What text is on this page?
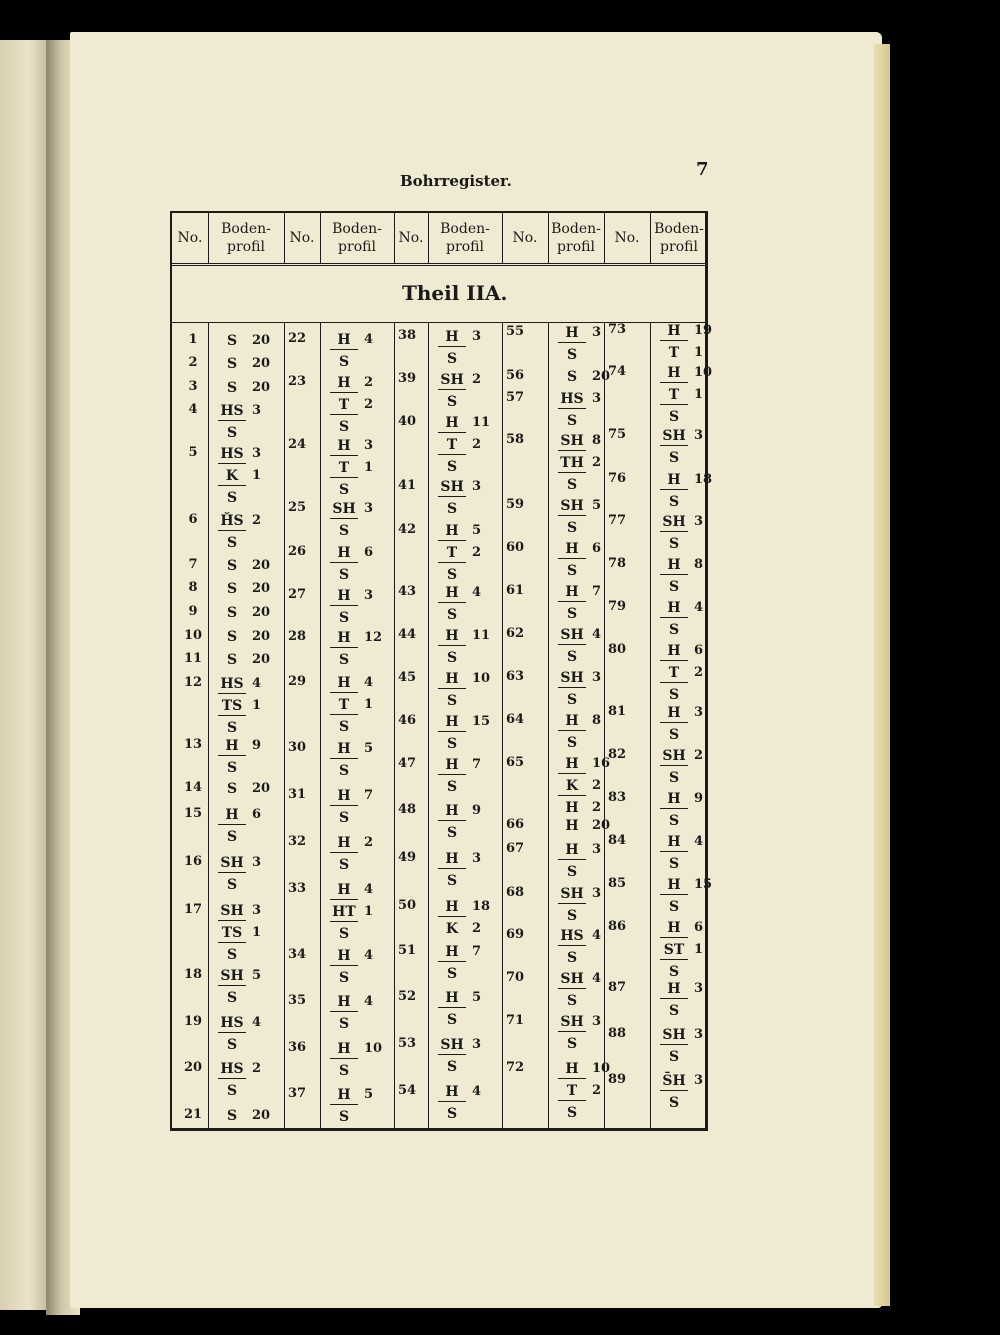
Bohrregister.
7
No.
Boden-
profil
No.
Boden-
profil
No.
Boden-
profil
No.
Boden-
profil
No.
Boden-
profil
1	S	20
2	S	20
3	S	20
4	HS 3
S
5	HS 3
K	1
S
6	ȞS 2
S
7	S	20
8	S	20
9	S	20
10	S	20
11	S	20
12	HS 4
TS 1
S
13	H	9
S
14	S	20
15	H	6
S
16	SH 3
S
17	SH 3
TS 1
S
18	SH 5
S
19	HS 4
S
20	HS 2
S
21	S	20
22	H	4
S
23	H	2
T	2
S
24	H	3
T	1
S
25	SH 3
S
26	H	6
S
27	H	3
S
28	H	12
S
29	H	4
T	1
S
30	H	5
S
31	H	7
S
32	H	2
S
33	H	4
HT 1
S
34	H	4
S
35	H	4
S
36	H	10
S
37	H	5
S
38	H	3
S
39	SH 2
S
40	H	11
T	2
S
41	SH 3
S
42	H	5
T	2
S
43	H	4
S
44	H	11
S
45	H	10
S
46	H	15
S
47	H	7
S
48	H	9
S
49	H	3
S
50	H	18
K	2
51	H	7
S
52	H	5
S
53	SH 3
S
54	H	4
S
55	H	3
S
56	S	20
57	HS 3
S
58	SH 8
TH 2
S
59	SH 5
S
60	H	6
S
61	H	7
S
62	SH 4
S
63	SH 3
S
64	H	8
S
65	H	16
K	2
H	2
66	H	20
67	H	3
S
68	SH 3
S
69	HS 4
S
70	SH 4
S
71	SH 3
S
72	H	10
T	2
S
73	H	19
T	1
74	H	10
T	1
S
75	SH 3
S
76	H	18
S
77	SH 3
S
78	H	8
S
79	H	4
S
80	H	6
T	2
S
81	H	3
S
82	SH 2
S
83	H	9
S
84	H	4
S
85	H	15
S
86	H	6
ST 1
S
87	H	3
S
88	SH 3
S
89	S̄H 3
S
Theil IIA.
